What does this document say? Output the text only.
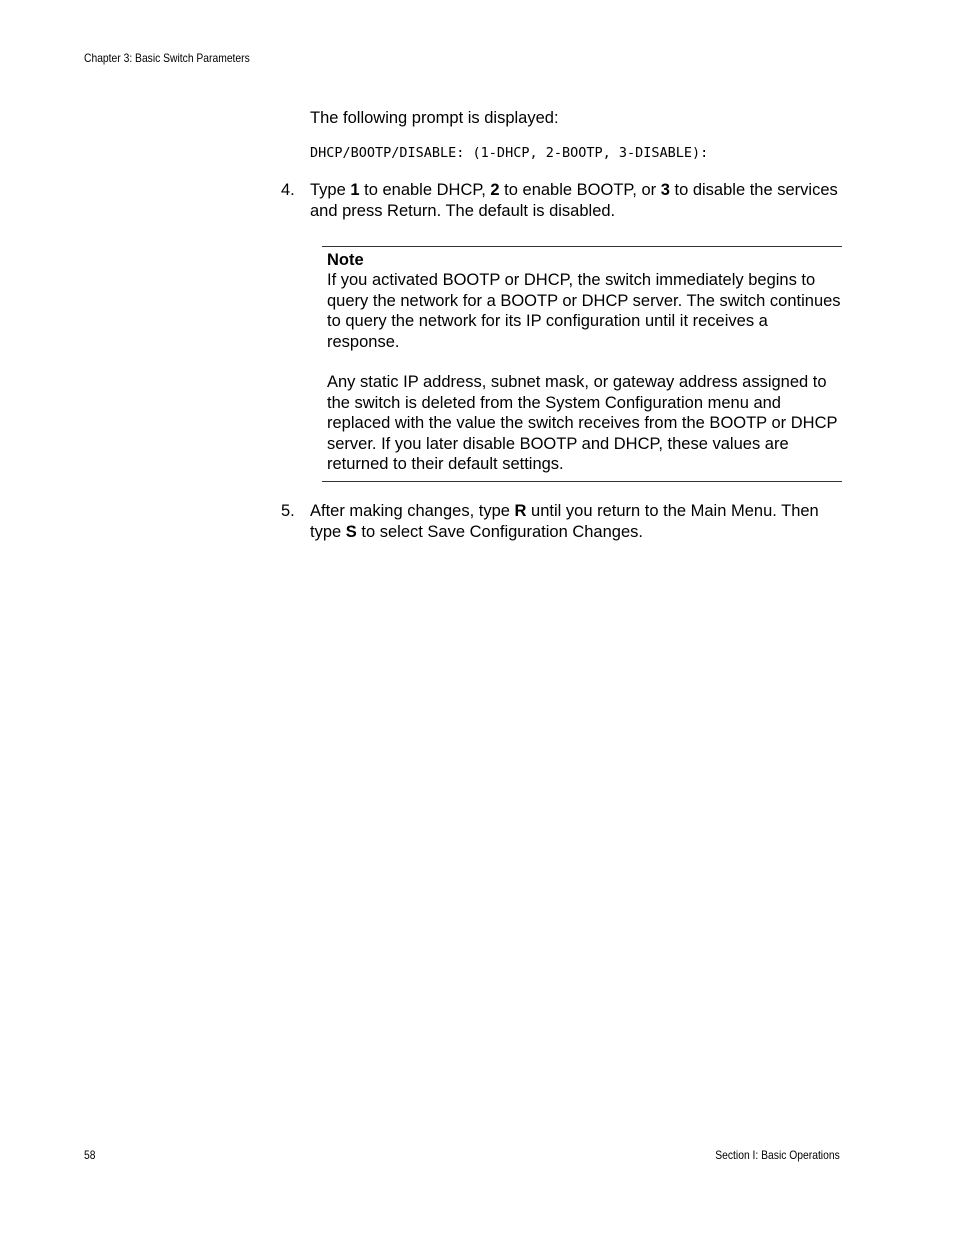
Chapter 3: Basic Switch Parameters
The following prompt is displayed:
DHCP/BOOTP/DISABLE: (1-DHCP, 2-BOOTP, 3-DISABLE):
4. Type 1 to enable DHCP, 2 to enable BOOTP, or 3 to disable the services and press Return. The default is disabled.
Note
If you activated BOOTP or DHCP, the switch immediately begins to query the network for a BOOTP or DHCP server. The switch continues to query the network for its IP configuration until it receives a response.
Any static IP address, subnet mask, or gateway address assigned to the switch is deleted from the System Configuration menu and replaced with the value the switch receives from the BOOTP or DHCP server. If you later disable BOOTP and DHCP, these values are returned to their default settings.
5. After making changes, type R until you return to the Main Menu. Then type S to select Save Configuration Changes.
58	Section I: Basic Operations
